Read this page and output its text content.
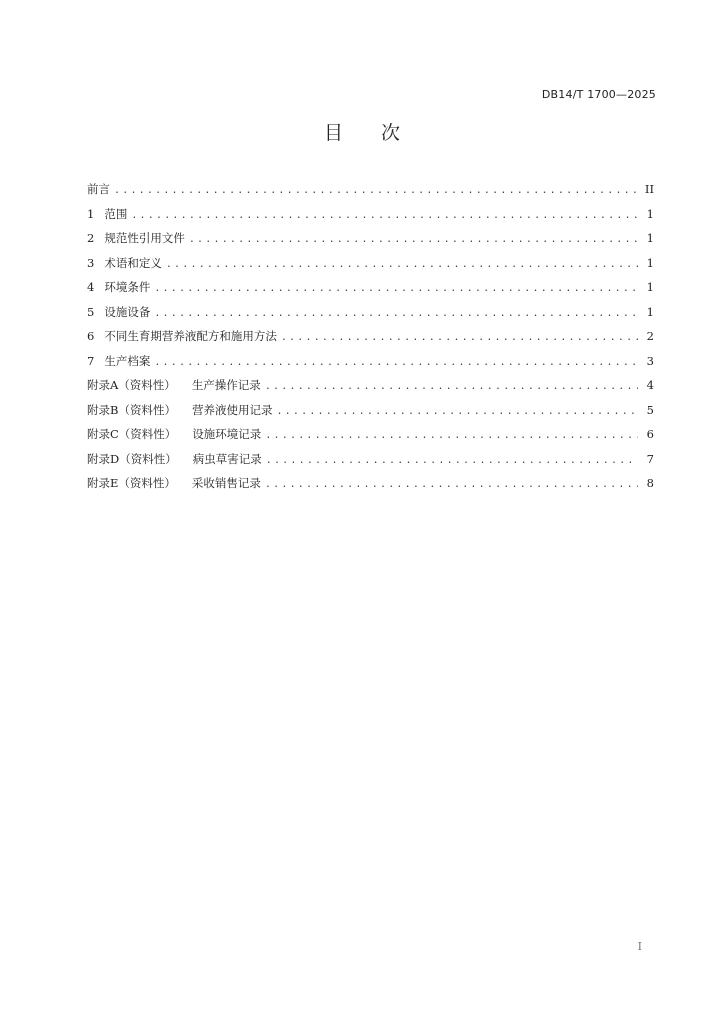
DB14/T 1700—2025
目 次
前言 .....	II
1 范围 .....	1
2 规范性引用文件 .....	1
3 术语和定义 .....	1
4 环境条件 .....	1
5 设施设备 .....	1
6 不同生育期营养液配方和施用方法 .....	2
7 生产档案 .....	3
附录A（资料性） 生产操作记录 .....	4
附录B（资料性） 营养液使用记录 .....	5
附录C（资料性） 设施环境记录 .....	6
附录D（资料性） 病虫草害记录 .....	7
附录E（资料性） 采收销售记录 .....	8
I
